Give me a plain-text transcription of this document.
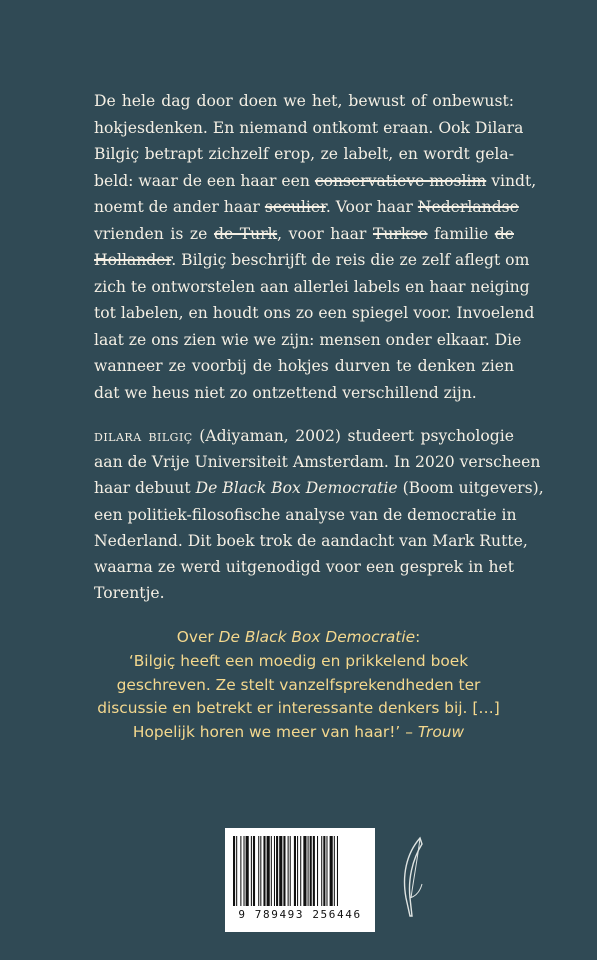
De hele dag door doen we het, bewust of onbewust:
hokjesdenken. En niemand ontkomt eraan. Ook Dilara
Bilgiç betrapt zichzelf erop, ze labelt, en wordt gela-
beld: waar de een haar een conservatieve moslim vindt,
noemt de ander haar seculier. Voor haar Nederlandse
vrienden is ze de Turk, voor haar Turkse familie de
Hollander. Bilgiç beschrijft de reis die ze zelf aflegt om
zich te ontworstelen aan allerlei labels en haar neiging
tot labelen, en houdt ons zo een spiegel voor. Invoelend
laat ze ons zien wie we zijn: mensen onder elkaar. Die
wanneer ze voorbij de hokjes durven te denken zien
dat we heus niet zo ontzettend verschillend zijn.

dilara bilgiç (Adiyaman, 2002) studeert psychologie
aan de Vrije Universiteit Amsterdam. In 2020 verscheen
haar debuut De Black Box Democratie (Boom uitgevers),
een politiek-filosofische analyse van de democratie in
Nederland. Dit boek trok de aandacht van Mark Rutte,
waarna ze werd uitgenodigd voor een gesprek in het
Torentje.

Over De Black Box Democratie:
‘Bilgiç heeft een moedig en prikkelend boek
geschreven. Ze stelt vanzelfsprekendheden ter
discussie en betrekt er interessante denkers bij. […]
Hopelijk horen we meer van haar!’ – Trouw

9 789493 256446
